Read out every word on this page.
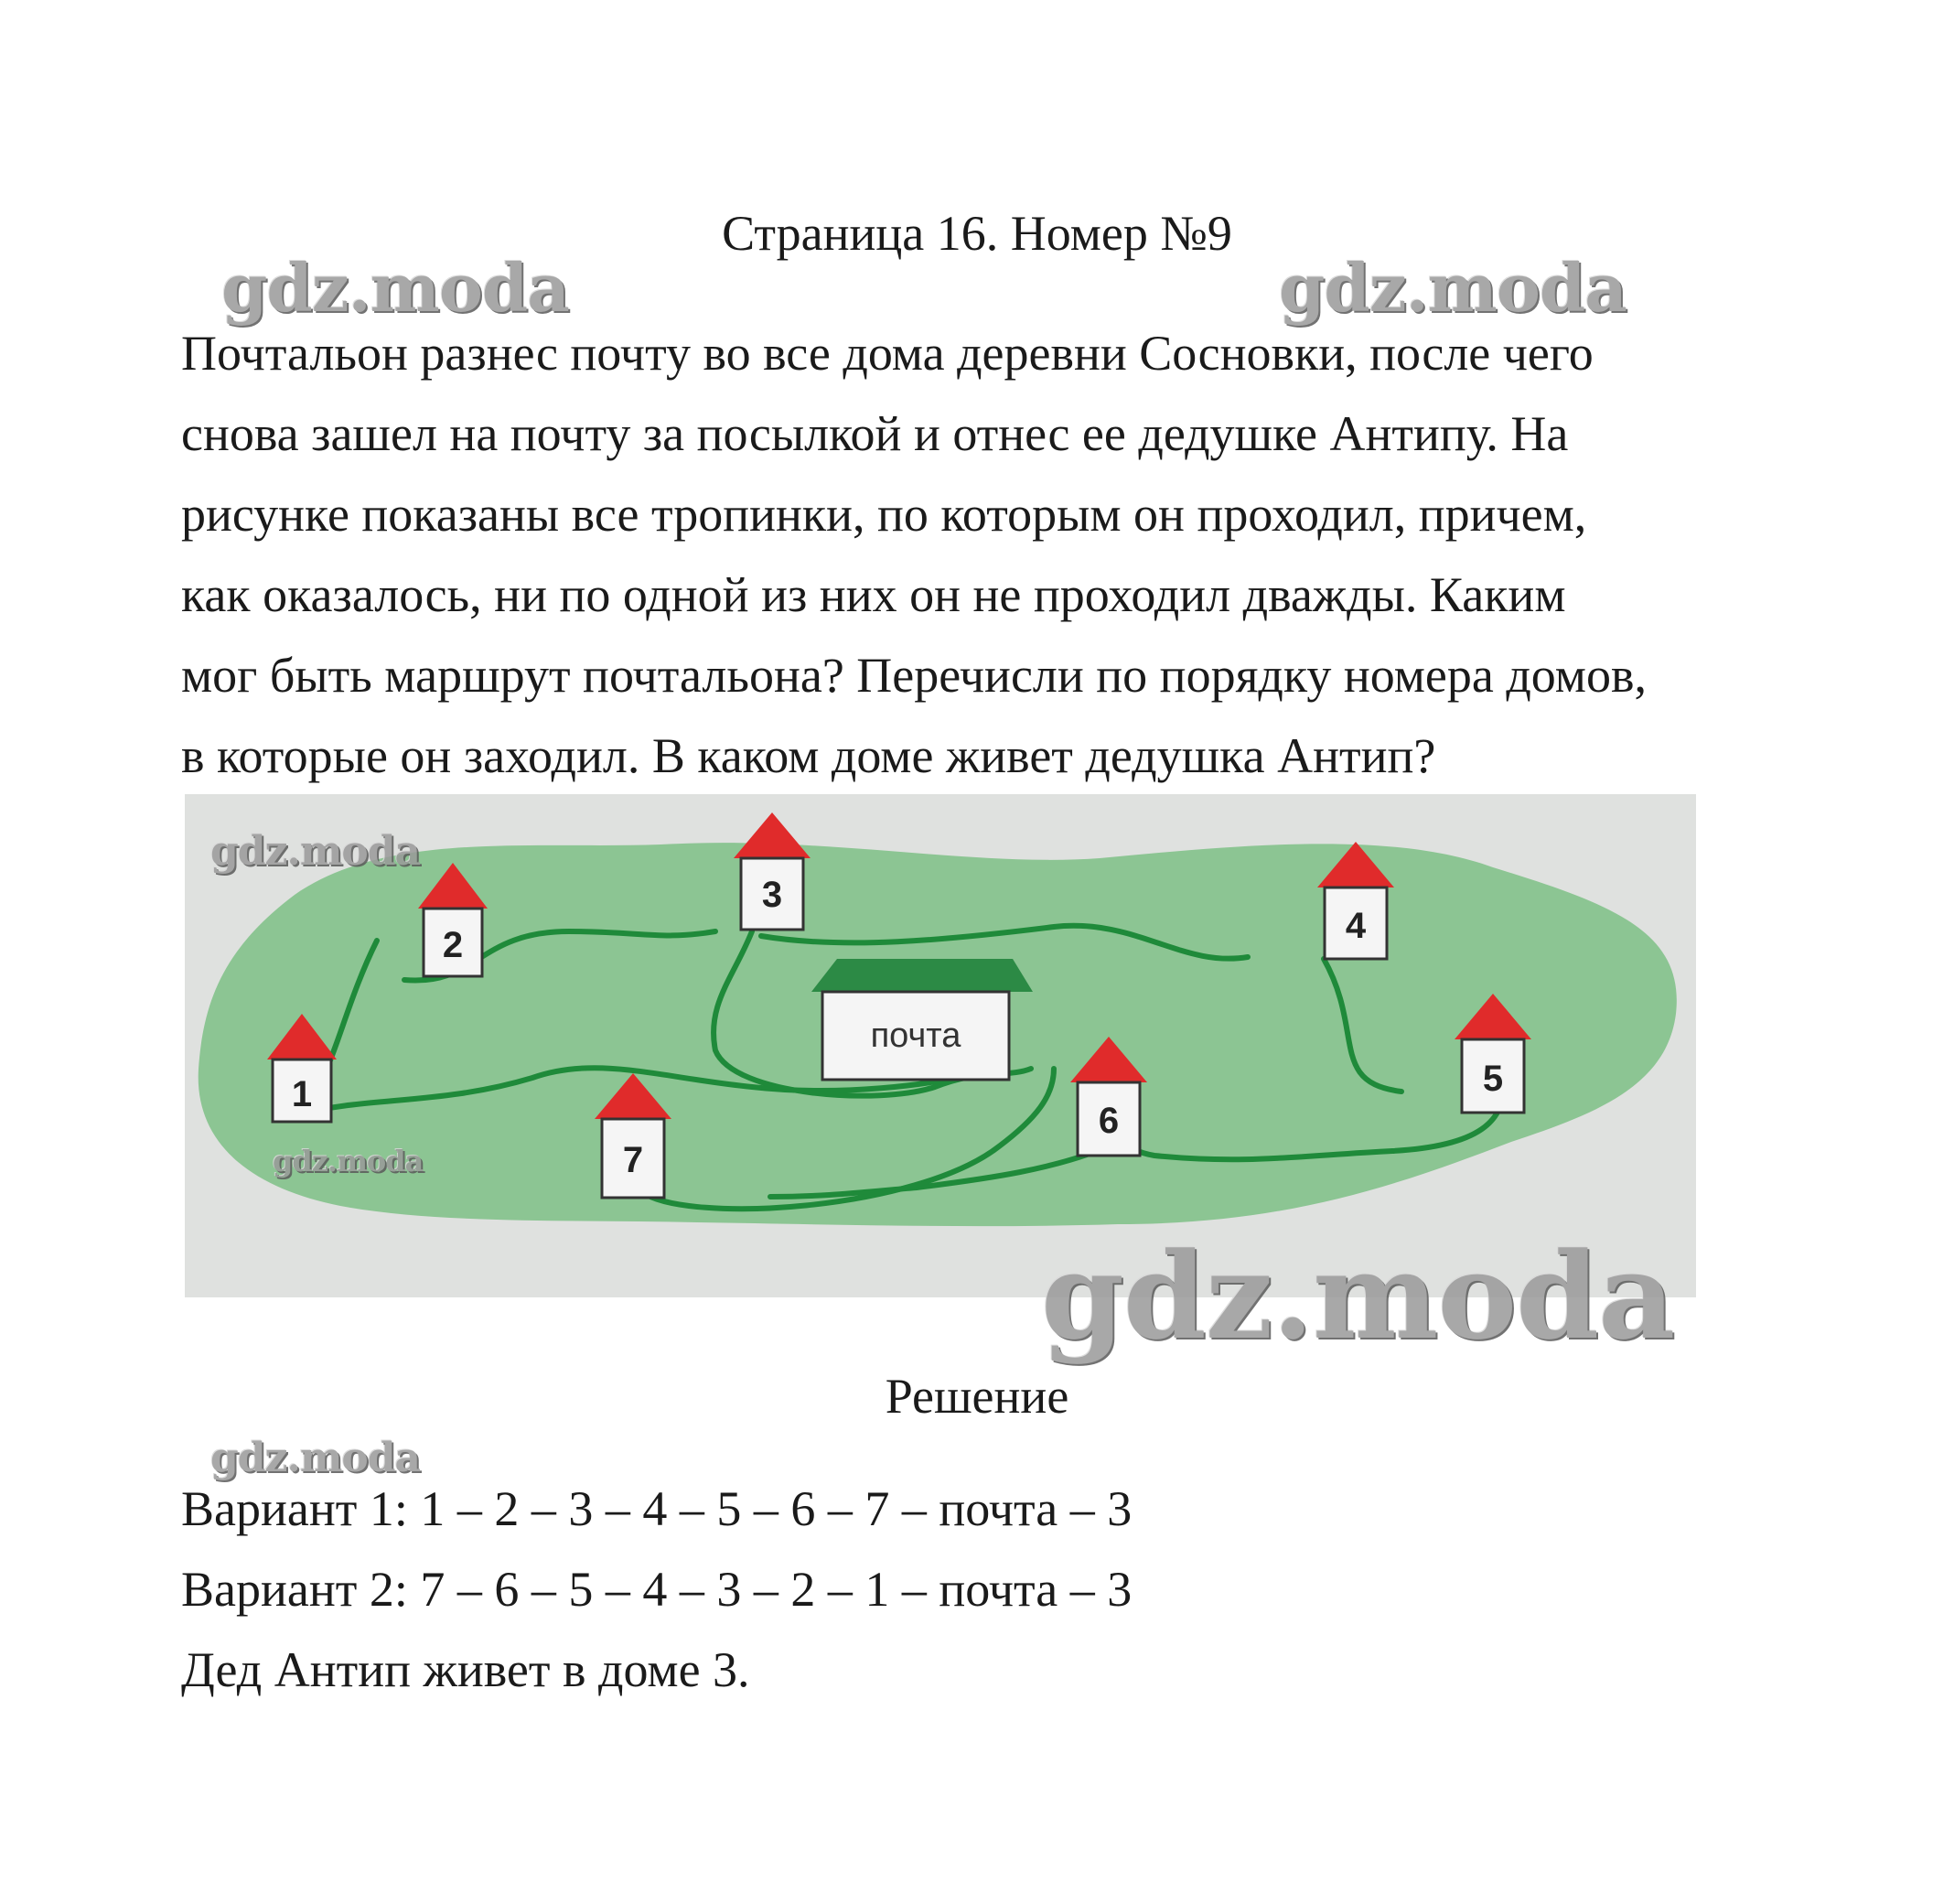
Страница 16. Номер №9
Почтальон разнес почту во все дома деревни Сосновки, после чего
снова зашел на почту за посылкой и отнес ее дедушке Антипу. На
рисунке показаны все тропинки, по которым он проходил, причем,
как оказалось, ни по одной из них он не проходил дважды. Каким
мог быть маршрут почтальона? Перечисли по порядку номера домов,
в которые он заходил. В каком доме живет дедушка Антип?
1
2
3
4
5
6
7
почта
Решение
Вариант 1: 1 – 2 – 3 – 4 – 5 – 6 – 7 – почта – 3
Вариант 2: 7 – 6 – 5 – 4 – 3 – 2 – 1 – почта – 3
Дед Антип живет в доме 3.
gdz.moda	gdz.moda
gdz.moda
gdz.moda
gdz.moda
gdz.moda
